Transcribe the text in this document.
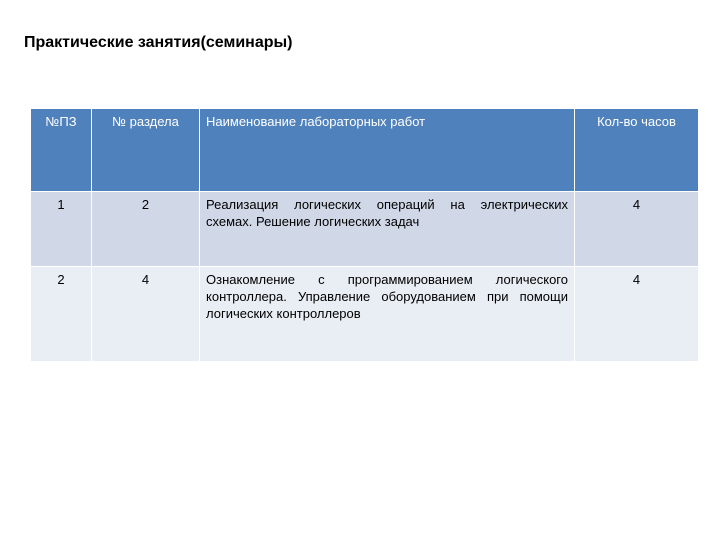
Практические занятия(семинары)
№ПЗ	№ раздела	Наименование лабораторных работ	Кол-во часов
1	2	Реализация логических операций на электрических схемах. Решение логических задач	4
2	4	Ознакомление с программированием логического контроллера. Управление оборудованием при помощи логических контроллеров	4
